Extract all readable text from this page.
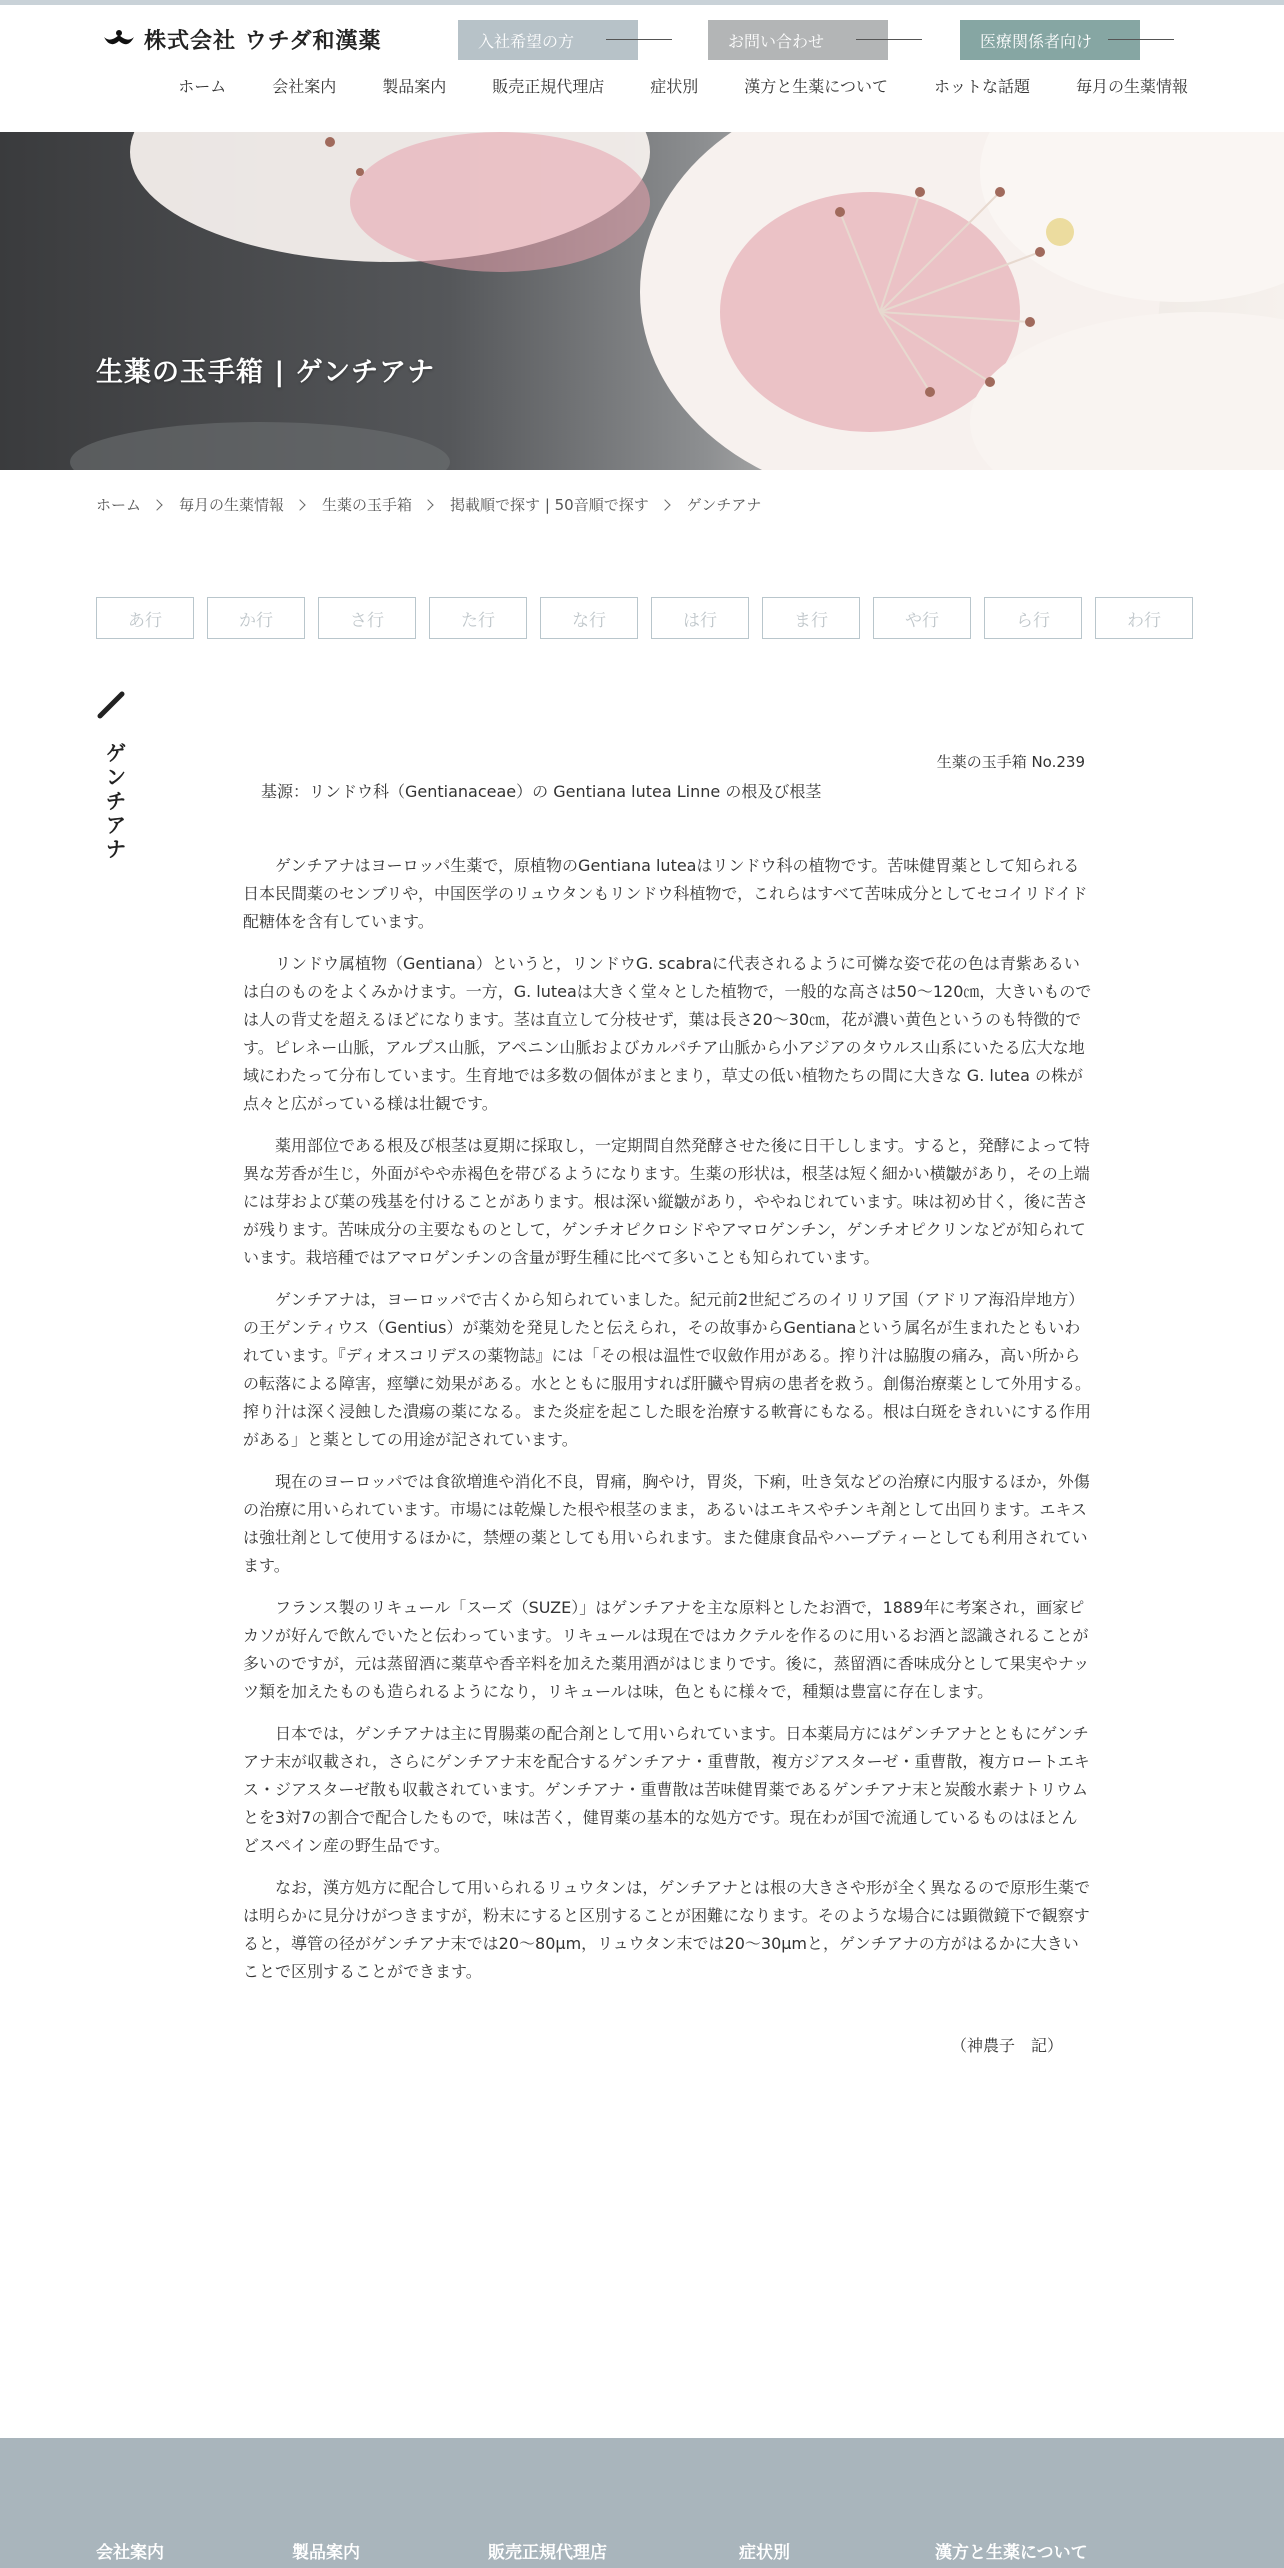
株式会社 ウチダ和漢薬	入社希望の方	お問い合わせ	医療関係者向け
ホーム	会社案内	製品案内	販売正規代理店	症状別	漢方と生薬について	ホットな話題	毎月の生薬情報
生薬の玉手箱 | ゲンチアナ
ホーム	毎月の生薬情報	生薬の玉手箱	掲載順で探す | 50音順で探す	ゲンチアナ
あ行	か行	さ行	た行	な行	は行	ま行	や行	ら行	わ行
ゲンチアナ	生薬の玉手箱 No.239
基源：リンドウ科（Gentianaceae）の Gentiana lutea Linne の根及び根茎

ゲンチアナはヨーロッパ生薬で，原植物のGentiana luteaはリンドウ科の植物です。苦味健胃薬として知られる日本民間薬のセンブリや，中国医学のリュウタンもリンドウ科植物で，これらはすべて苦味成分としてセコイリドイド配糖体を含有しています。

リンドウ属植物（Gentiana）というと，リンドウG. scabraに代表されるように可憐な姿で花の色は青紫あるいは白のものをよくみかけます。一方，G. luteaは大きく堂々とした植物で，一般的な高さは50〜120㎝，大きいものでは人の背丈を超えるほどになります。茎は直立して分枝せず，葉は長さ20〜30㎝，花が濃い黄色というのも特徴的です。ピレネー山脈，アルプス山脈，アペニン山脈およびカルパチア山脈から小アジアのタウルス山系にいたる広大な地域にわたって分布しています。生育地では多数の個体がまとまり，草丈の低い植物たちの間に大きな G. lutea の株が点々と広がっている様は壮観です。

薬用部位である根及び根茎は夏期に採取し，一定期間自然発酵させた後に日干しします。すると，発酵によって特異な芳香が生じ，外面がやや赤褐色を帯びるようになります。生薬の形状は，根茎は短く細かい横皺があり，その上端には芽および葉の残基を付けることがあります。根は深い縦皺があり，ややねじれています。味は初め甘く，後に苦さが残ります。苦味成分の主要なものとして，ゲンチオピクロシドやアマロゲンチン，ゲンチオピクリンなどが知られています。栽培種ではアマロゲンチンの含量が野生種に比べて多いことも知られています。

ゲンチアナは，ヨーロッパで古くから知られていました。紀元前2世紀ごろのイリリア国（アドリア海沿岸地方）の王ゲンティウス（Gentius）が薬効を発見したと伝えられ，その故事からGentianaという属名が生まれたともいわれています。『ディオスコリデスの薬物誌』には「その根は温性で収斂作用がある。搾り汁は脇腹の痛み，高い所からの転落による障害，痙攣に効果がある。水とともに服用すれば肝臓や胃病の患者を救う。創傷治療薬として外用する。搾り汁は深く浸蝕した潰瘍の薬になる。また炎症を起こした眼を治療する軟膏にもなる。根は白斑をきれいにする作用がある」と薬としての用途が記されています。

現在のヨーロッパでは食欲増進や消化不良，胃痛，胸やけ，胃炎，下痢，吐き気などの治療に内服するほか，外傷の治療に用いられています。市場には乾燥した根や根茎のまま，あるいはエキスやチンキ剤として出回ります。エキスは強壮剤として使用するほかに，禁煙の薬としても用いられます。また健康食品やハーブティーとしても利用されています。

フランス製のリキュール「スーズ（SUZE）」はゲンチアナを主な原料としたお酒で，1889年に考案され，画家ピカソが好んで飲んでいたと伝わっています。リキュールは現在ではカクテルを作るのに用いるお酒と認識されることが多いのですが，元は蒸留酒に薬草や香辛料を加えた薬用酒がはじまりです。後に，蒸留酒に香味成分として果実やナッツ類を加えたものも造られるようになり，リキュールは味，色ともに様々で，種類は豊富に存在します。

日本では，ゲンチアナは主に胃腸薬の配合剤として用いられています。日本薬局方にはゲンチアナとともにゲンチアナ末が収載され，さらにゲンチアナ末を配合するゲンチアナ・重曹散，複方ジアスターゼ・重曹散，複方ロートエキス・ジアスターゼ散も収載されています。ゲンチアナ・重曹散は苦味健胃薬であるゲンチアナ末と炭酸水素ナトリウムとを3対7の割合で配合したもので，味は苦く，健胃薬の基本的な処方です。現在わが国で流通しているものはほとんどスペイン産の野生品です。

なお，漢方処方に配合して用いられるリュウタンは，ゲンチアナとは根の大きさや形が全く異なるので原形生薬では明らかに見分けがつきますが，粉末にすると区別することが困難になります。そのような場合には顕微鏡下で観察すると，導管の径がゲンチアナ末では20〜80μm，リュウタン末では20〜30μmと，ゲンチアナの方がはるかに大きいことで区別することができます。

（神農子　記）
会社案内	製品案内	販売正規代理店	症状別	漢方と生薬について
